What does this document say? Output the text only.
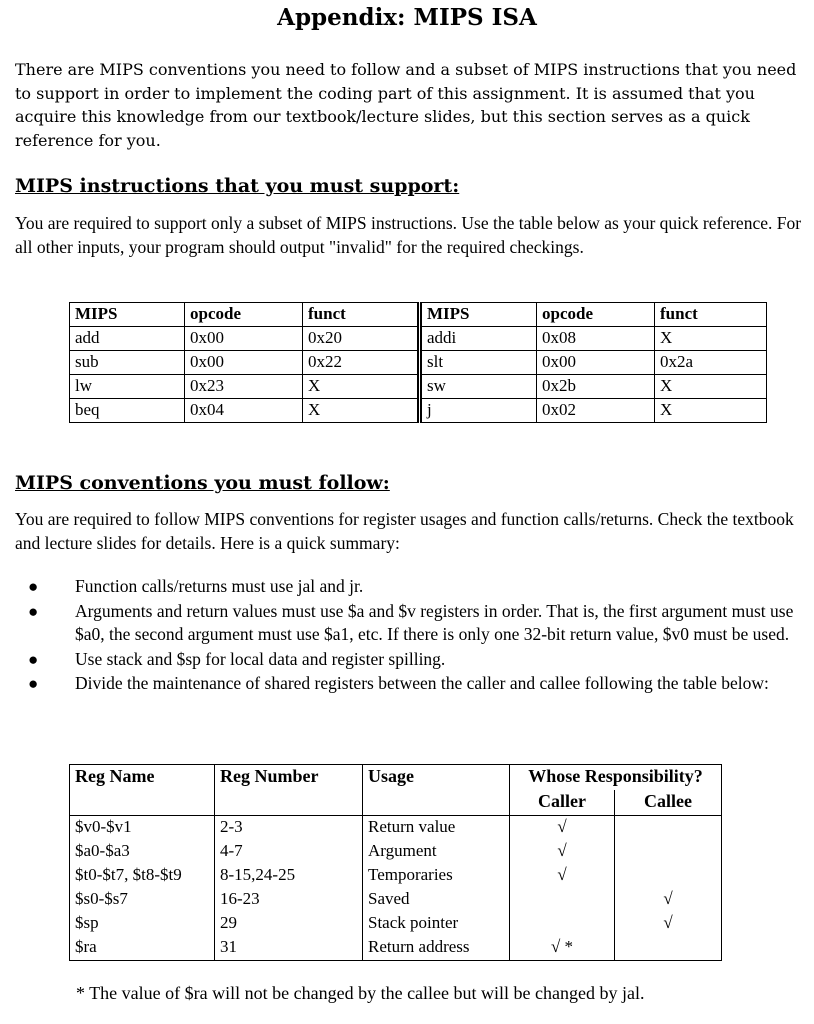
Appendix: MIPS ISA
There are MIPS conventions you need to follow and a subset of MIPS instructions that you need to support in order to implement the coding part of this assignment. It is assumed that you acquire this knowledge from our textbook/lecture slides, but this section serves as a quick reference for you.
MIPS instructions that you must support:
You are required to support only a subset of MIPS instructions. Use the table below as your quick reference. For all other inputs, your program should output "invalid" for the required checkings.
MIPS	opcode	funct	MIPS	opcode	funct
add	0x00	0x20	addi	0x08	X
sub	0x00	0x22	slt	0x00	0x2a
lw	0x23	X	sw	0x2b	X
beq	0x04	X	j	0x02	X
MIPS conventions you must follow:
You are required to follow MIPS conventions for register usages and function calls/returns. Check the textbook and lecture slides for details. Here is a quick summary:
● Function calls/returns must use jal and jr.
● Arguments and return values must use $a and $v registers in order. That is, the first argument must use $a0, the second argument must use $a1, etc. If there is only one 32-bit return value, $v0 must be used.
● Use stack and $sp for local data and register spilling.
● Divide the maintenance of shared registers between the caller and callee following the table below:
Reg Name	Reg Number	Usage	Whose Responsibility?	
			Caller	Callee
$v0-$v1	2-3	Return value	√	
$a0-$a3	4-7	Argument	√	
$t0-$t7, $t8-$t9	8-15,24-25	Temporaries	√	
$s0-$s7	16-23	Saved		√
$sp	29	Stack pointer		√
$ra	31	Return address	√ *	
* The value of $ra will not be changed by the callee but will be changed by jal.
